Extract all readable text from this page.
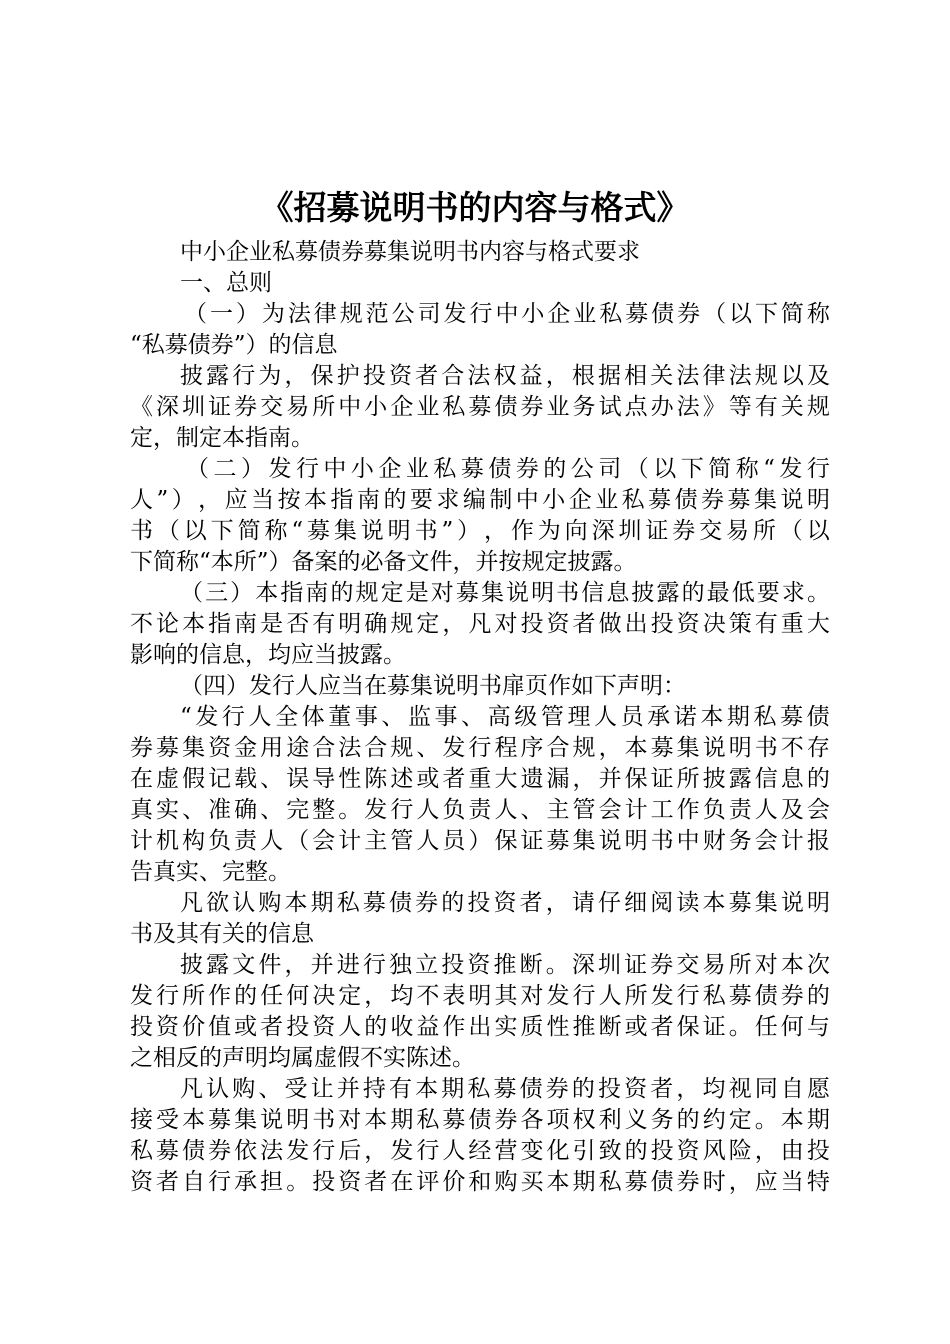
《招募说明书的内容与格式》
中小企业私募债券募集说明书内容与格式要求
一、总则
（ 一 ） 为 法 律 规 范 公 司 发 行 中 小 企 业 私 募 债 券 （ 以 下 简 称
“私募债券”）的信息
披 露 行 为 ， 保 护 投 资 者 合 法 权 益 ， 根 据 相 关 法 律 法 规 以 及
《 深 圳 证 券 交 易 所 中 小 企 业 私 募 债 券 业 务 试 点 办 法 》 等 有 关 规
定，制定本指南。
（ 二 ） 发 行 中 小 企 业 私 募 债 券 的 公 司 （ 以 下 简 称 “ 发 行
人 ” ） ， 应 当 按 本 指 南 的 要 求 编 制 中 小 企 业 私 募 债 券 募 集 说 明
书 （ 以 下 简 称 “ 募 集 说 明 书 ” ） ， 作 为 向 深 圳 证 券 交 易 所 （ 以
下简称“本所”）备案的必备文件，并按规定披露。
（ 三 ） 本 指 南 的 规 定 是 对 募 集 说 明 书 信 息 披 露 的 最 低 要 求 。
不 论 本 指 南 是 否 有 明 确 规 定 ， 凡 对 投 资 者 做 出 投 资 决 策 有 重 大
影响的信息，均应当披露。
（四）发行人应当在募集说明书扉页作如下声明：
“ 发 行 人 全 体 董 事 、 监 事 、 高 级 管 理 人 员 承 诺 本 期 私 募 债
券 募 集 资 金 用 途 合 法 合 规 、 发 行 程 序 合 规 ， 本 募 集 说 明 书 不 存
在 虚 假 记 载 、 误 导 性 陈 述 或 者 重 大 遗 漏 ， 并 保 证 所 披 露 信 息 的
真 实 、 准 确 、 完 整 。 发 行 人 负 责 人 、 主 管 会 计 工 作 负 责 人 及 会
计 机 构 负 责 人 （ 会 计 主 管 人 员 ） 保 证 募 集 说 明 书 中 财 务 会 计 报
告真实、完整。
凡 欲 认 购 本 期 私 募 债 券 的 投 资 者 ， 请 仔 细 阅 读 本 募 集 说 明
书及其有关的信息
披 露 文 件 ， 并 进 行 独 立 投 资 推 断 。 深 圳 证 券 交 易 所 对 本 次
发 行 所 作 的 任 何 决 定 ， 均 不 表 明 其 对 发 行 人 所 发 行 私 募 债 券 的
投 资 价 值 或 者 投 资 人 的 收 益 作 出 实 质 性 推 断 或 者 保 证 。 任 何 与
之相反的声明均属虚假不实陈述。
凡 认 购 、 受 让 并 持 有 本 期 私 募 债 券 的 投 资 者 ， 均 视 同 自 愿
接 受 本 募 集 说 明 书 对 本 期 私 募 债 券 各 项 权 利 义 务 的 约 定 。 本 期
私 募 债 券 依 法 发 行 后 ， 发 行 人 经 营 变 化 引 致 的 投 资 风 险 ， 由 投
资 者 自 行 承 担 。 投 资 者 在 评 价 和 购 买 本 期 私 募 债 券 时 ， 应 当 特
